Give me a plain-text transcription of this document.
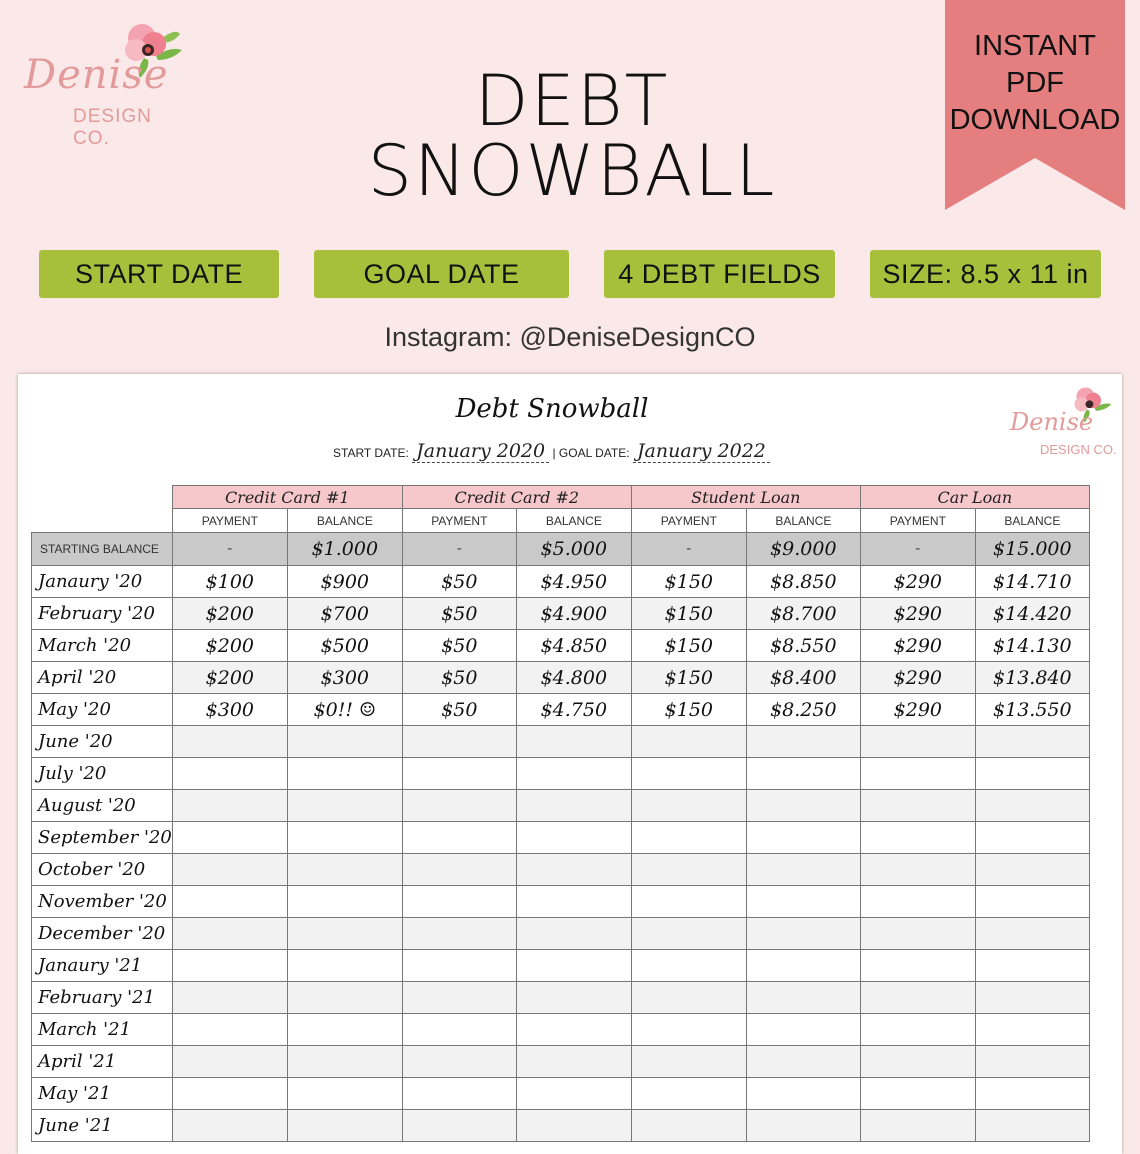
Denise
DESIGN CO.	DEBT SNOWBALL
INSTANT
PDF
DOWNLOAD
START DATE	GOAL DATE	4 DEBT FIELDS	SIZE: 8.5 x 11 in
Instagram: @DeniseDesignCO
Debt Snowball
START DATE: January 2020 | GOAL DATE: January 2022
Denise
DESIGN CO.
	Credit Card #1		Credit Card #2		Student Loan		Car Loan	
	PAYMENT	BALANCE	PAYMENT	BALANCE	PAYMENT	BALANCE	PAYMENT	BALANCE
STARTING BALANCE	-	$1.000	-	$5.000	-	$9.000	-	$15.000
Janaury '20	$100	$900	$50	$4.950	$150	$8.850	$290	$14.710
February '20	$200	$700	$50	$4.900	$150	$8.700	$290	$14.420
March '20	$200	$500	$50	$4.850	$150	$8.550	$290	$14.130
April '20	$200	$300	$50	$4.800	$150	$8.400	$290	$13.840
May '20	$300	$0!! ☺	$50	$4.750	$150	$8.250	$290	$13.550
June '20								
July '20								
August '20								
September '20								
October '20								
November '20								
December '20								
Janaury '21								
February '21								
March '21								
April '21								
May '21								
June '21								
